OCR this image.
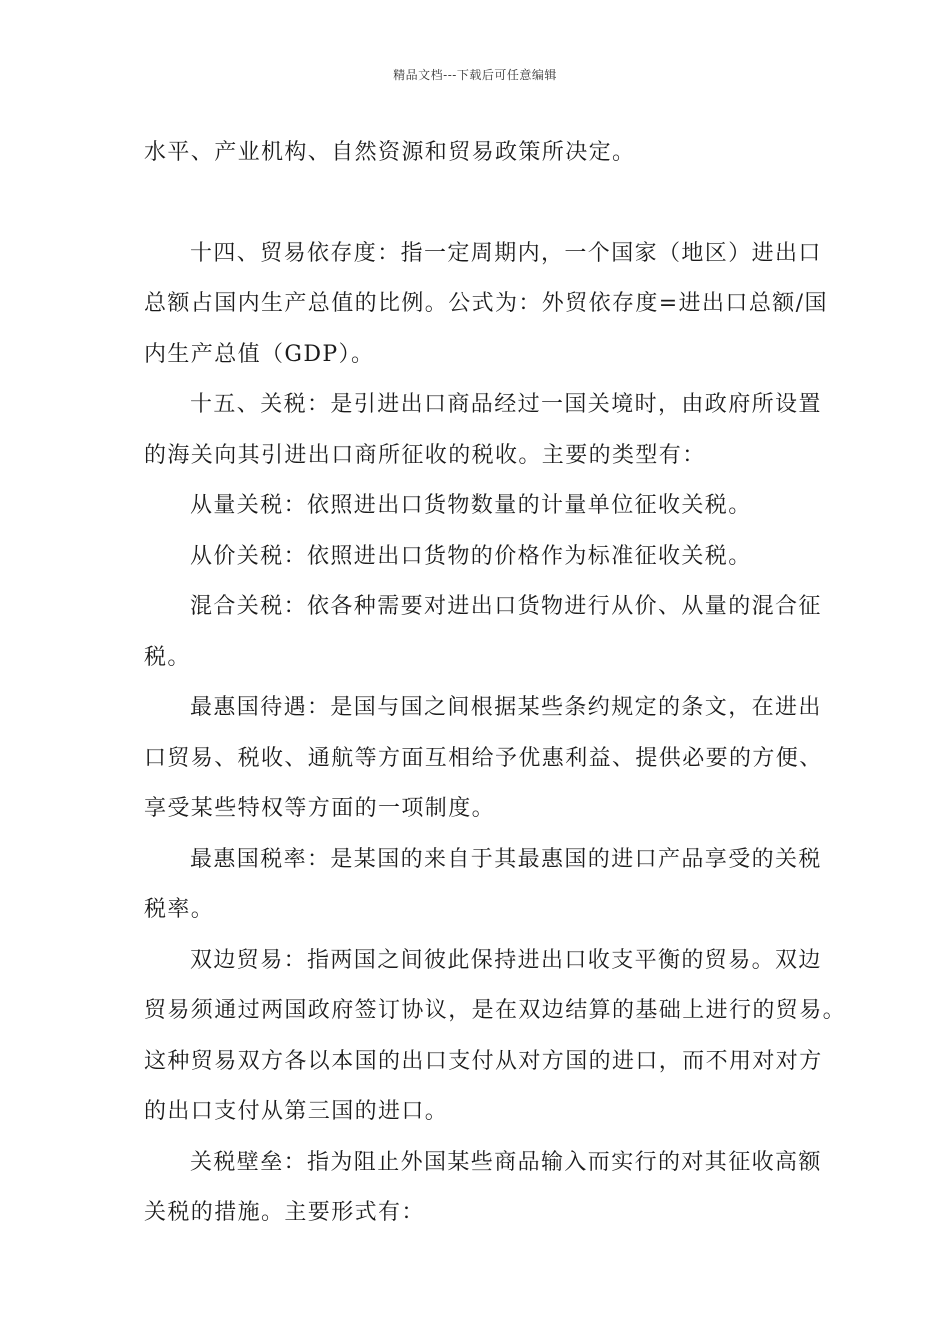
精品文档---下载后可任意编辑

水平、产业机构、自然资源和贸易政策所决定。

十四、贸易依存度：指一定周期内，一个国家（地区）进出口
总额占国内生产总值的比例。公式为：外贸依存度=进出口总额/国
内生产总值（GDP）。

十五、关税：是引进出口商品经过一国关境时，由政府所设置
的海关向其引进出口商所征收的税收。主要的类型有：

从量关税：依照进出口货物数量的计量单位征收关税。

从价关税：依照进出口货物的价格作为标准征收关税。

混合关税：依各种需要对进出口货物进行从价、从量的混合征
税。

最惠国待遇：是国与国之间根据某些条约规定的条文，在进出
口贸易、税收、通航等方面互相给予优惠利益、提供必要的方便、
享受某些特权等方面的一项制度。

最惠国税率：是某国的来自于其最惠国的进口产品享受的关税
税率。

双边贸易：指两国之间彼此保持进出口收支平衡的贸易。双边
贸易须通过两国政府签订协议，是在双边结算的基础上进行的贸易。
这种贸易双方各以本国的出口支付从对方国的进口，而不用对对方
的出口支付从第三国的进口。

关税壁垒：指为阻止外国某些商品输入而实行的对其征收高额
关税的措施。主要形式有：
